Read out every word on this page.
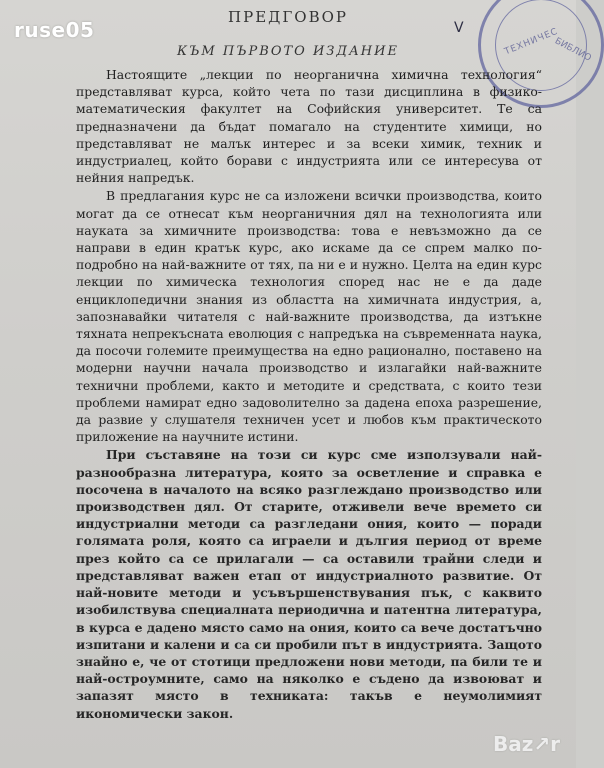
ruse05	ТЕХНИЧЕС
БИБЛИО
V
ПРЕДГОВОР
КЪМ ПЪРВОТО ИЗДАНИЕ

Настоящите „лекции по неорганична химична технология“ представляват курса, който чета по тази дисциплина в физико-математическия факултет на Софийския университет. Те са предназначени да бъдат помагало на студентите химици, но представляват не малък интерес и за всеки химик, техник и индустриалец, който борави с индустрията или се интересува от нейния напредък.

В предлагания курс не са изложени всички производства, които могат да се отнесат към неорганичния дял на технологията или науката за химичните производства: това е невъзможно да се направи в един кратък курс, ако искаме да се спрем малко по-подробно на най-важните от тях, па ни е и нужно. Целта на един курс лекции по химическа технология според нас не е да даде енциклопедични знания из областта на химичната индустрия, а, запознавайки читателя с най-важните производства, да изтъкне тяхната непрекъсната еволюция с напредъка на съвременната наука, да посочи големите преимущества на едно рационално, поставено на модерни научни начала производство и излагайки най-важните технични проблеми, както и методите и средствата, с които тези проблеми намират едно задоволително за дадена епоха разрешение, да развие у слушателя техничен усет и любов към практическото приложение на научните истини.

При съставяне на този си курс сме използували най-разнообразна литература, която за осветление и справка е посочена в началото на всяко разглеждано производство или производствен дял. От старите, отживели вече времето си индустриални методи са разгледани ония, които — поради голямата роля, която са играели и дългия период от време през който са се прилагали — са оставили трайни следи и представляват важен етап от индустриалното развитие. От най-новите методи и усъвършенствувания пък, с каквито изобилствува специалната периодична и патентна литература, в курса е дадено място само на ония, които са вече достатъчно изпитани и калени и са си пробили път в индустрията. Защото знайно е, че от стотици предложени нови методи, па били те и най-остроумните, само на няколко е съдено да извоюват и запазят място в техниката: такъв е неумолимият икономически закон.

Baz↗r
